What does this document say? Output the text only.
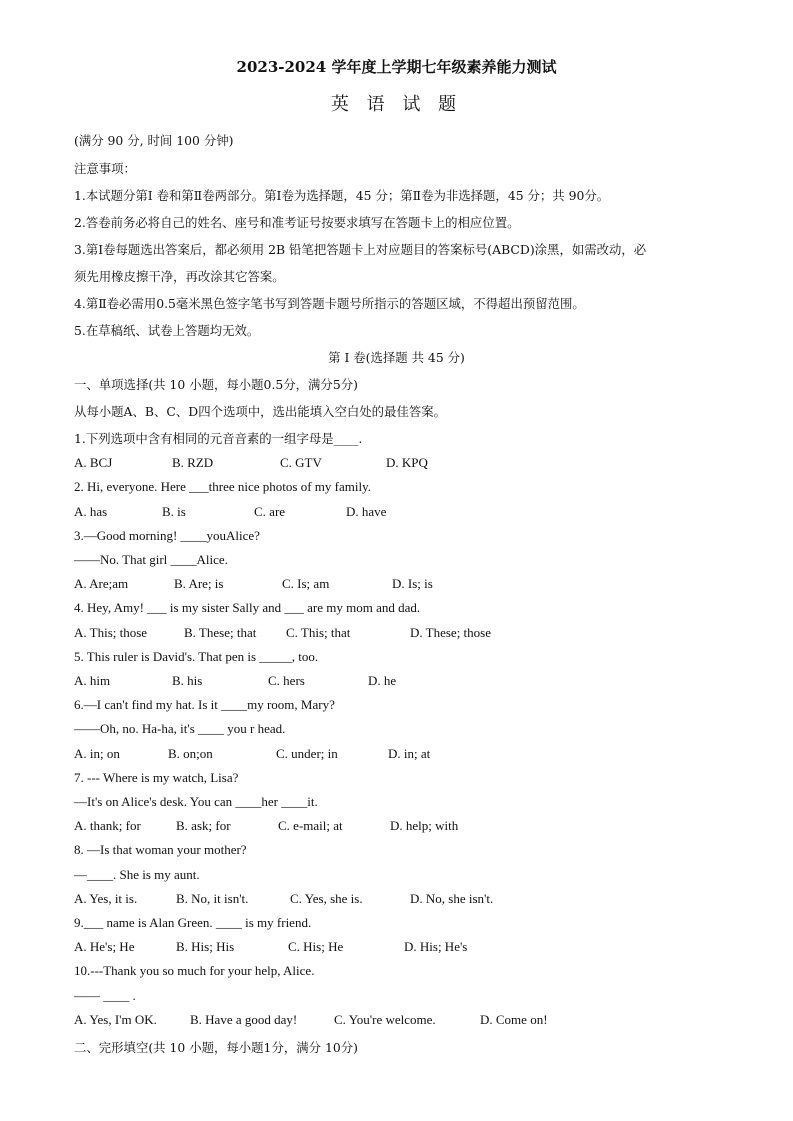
2023-2024 学年度上学期七年级素养能力测试
英 语 试 题
(满分 90 分, 时间 100 分钟)
注意事项：
1.本试题分第Ⅰ 卷和第Ⅱ卷两部分。第Ⅰ卷为选择题，45 分；第Ⅱ卷为非选择题，45 分；共 90分。
2.答卷前务必将自己的姓名、座号和准考证号按要求填写在答题卡上的相应位置。
3.第Ⅰ卷每题选出答案后，都必须用 2B 铅笔把答题卡上对应题目的答案标号(ABCD)涂黑，如需改动，必
须先用橡皮擦干净，再改涂其它答案。
4.第Ⅱ卷必需用0.5毫米黑色签字笔书写到答题卡题号所指示的答题区域，不得超出预留范围。
5.在草稿纸、试卷上答题均无效。
第 Ⅰ 卷(选择题 共 45 分)
一、单项选择(共 10 小题，每小题0.5分，满分5分)
从每小题A、B、C、D四个选项中，选出能填入空白处的最佳答案。
1.下列选项中含有相同的元音音素的一组字母是____.
A. BCJ	B. RZD	C. GTV	D. KPQ
2. Hi, everyone. Here ___three nice photos of my family.
A. has	B. is	C. are	D. have
3.—Good morning! ____youAlice?
——No. That girl ____Alice.
A. Are;am	B. Are; is	C. Is; am	D. Is; is
4. Hey, Amy! ___ is my sister Sally and ___ are my mom and dad.
A. This; those	B. These; that C. This; that	D. These; those
5. This ruler is David's. That pen is _____, too.
A. him	B. his	C. hers	D. he
6.—I can't find my hat. Is it ____my room, Mary?
——Oh, no. Ha-ha, it's ____ you r head.
A. in; on	B. on;on	C. under; in	D. in; at
7. --- Where is my watch, Lisa?
—It's on Alice's desk. You can ____her ____it.
A. thank; for	B. ask; for	C. e-mail; at	D. help; with
8. —Is that woman your mother?
—____. She is my aunt.
A. Yes, it is.	B. No, it isn't.	C. Yes, she is.	D. No, she isn't.
9.___ name is Alan Green. ____ is my friend.
A. He's; He	B. His; His	C. His; He	D. His; He's
10.---Thank you so much for your help, Alice.
—— ____ .
A. Yes, I'm OK.	B. Have a good day!	C. You're welcome.	D. Come on!
二、完形填空(共 10 小题，每小题1分，满分 10分)
